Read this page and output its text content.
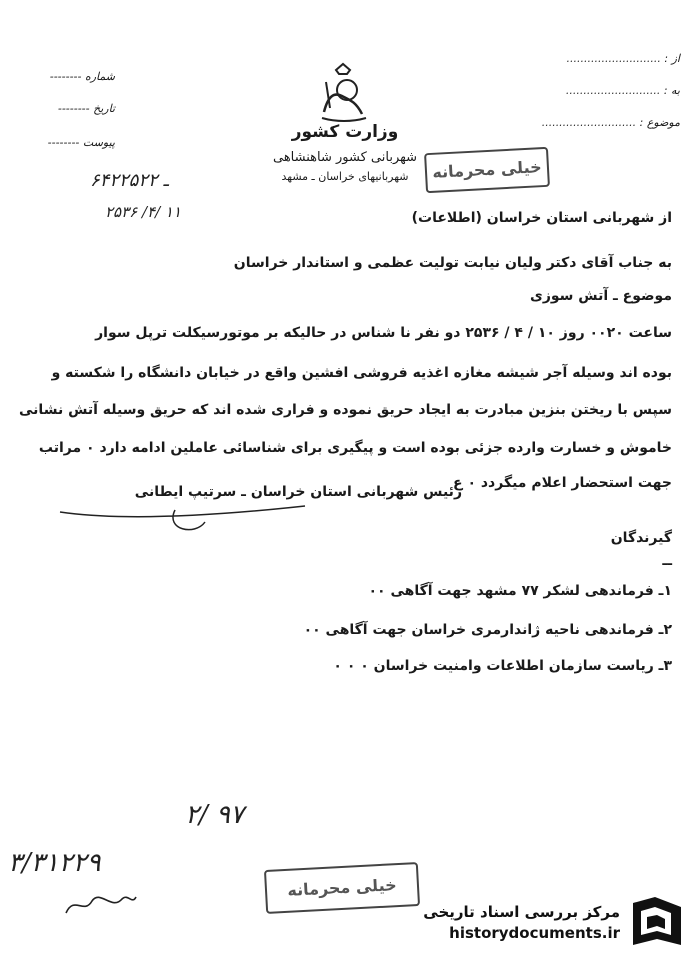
از : ...........................
به : ...........................
موضوع : ...........................
شماره --------
تاریخ --------
پیوست --------
۶۴۲ـ ۲۵۲۲
۲۵۳۶ /۴/ ۱۱
وزارت کشور
شهربانی کشور شاهنشاهی
شهربانیهای خراسان ـ مشهد	خیلی محرمانه
از شهربانی استان خراسان (اطلاعات)
به جناب آقای دکتر ولیان نیابت تولیت عظمی و استاندار خراسان
موضوع ـ آتش سوزی
ساعت ۰۰۲۰ روز ۱۰ / ۴ / ۲۵۳۶ دو نفر نا شناس در حالیکه بر موتورسیکلت ترپل سوار
بوده اند وسیله آجر شیشه مغازه اغذیه فروشی افشین واقع در خیابان دانشگاه را شکسته و
سپس با ریختن بنزین مبادرت به ایجاد حریق نموده و فراری شده اند که حریق وسیله آتش نشانی
خاموش و خسارت وارده جزئی بوده است و پیگیری برای شناسائی عاملین ادامه دارد ۰ مراتب
جهت استحضار اعلام میگردد ۰ ع
رئیس شهربانی استان خراسان ـ سرتیپ ایطانی
گیرندگان
ــ
۱ـ فرماندهی لشکر ۷۷ مشهد جهت آگاهی ۰۰
۲ـ فرماندهی ناحیه ژاندارمری خراسان جهت آگاهی ۰۰
۳ـ ریاست سازمان اطلاعات وامنیت خراسان ۰ ۰ ۰
۲/ ۹۷
۳/۳۱۲۲۹
خیلی محرمانه
مرکز بررسی اسناد تاریخی
historydocuments.ir
